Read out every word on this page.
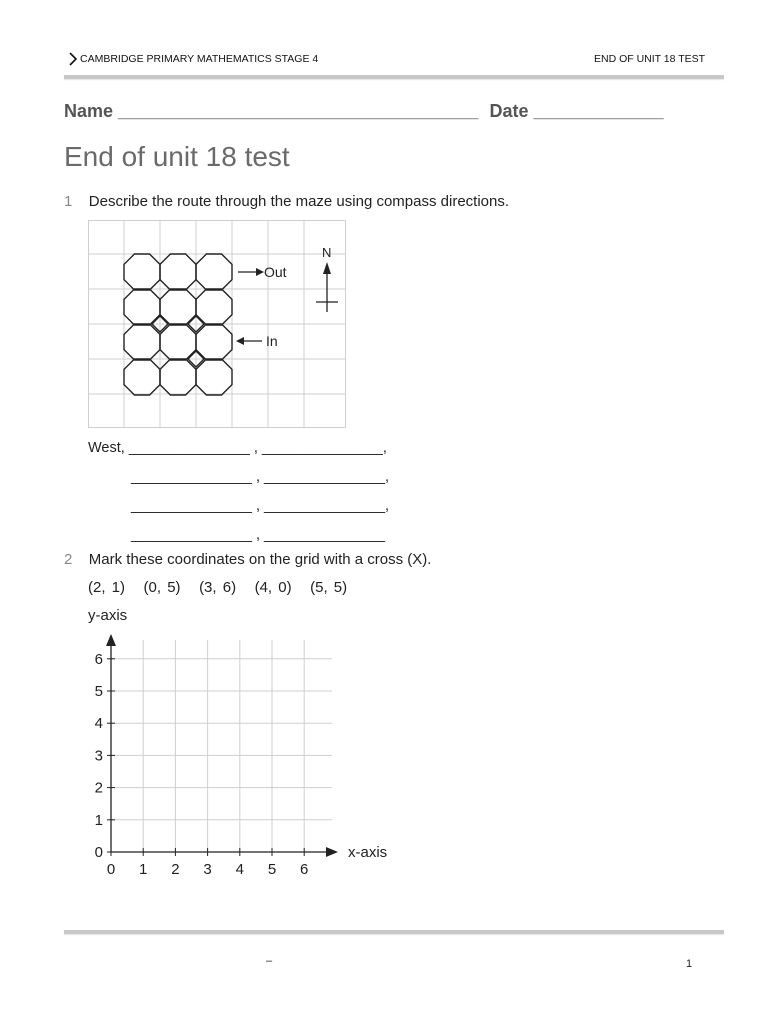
CAMBRIDGE PRIMARY MATHEMATICS STAGE 4	END OF UNIT 18 TEST
Name ____________________________________ Date _____________
End of unit 18 test
1 Describe the route through the maze using compass directions.
Out
In
N
West, _______________ , _______________,
_______________ , _______________,
_______________ , _______________,
_______________ , _______________
2 Mark these coordinates on the grid with a cross (X).
(2, 1) (0, 5) (3, 6) (4, 0) (5, 5)
y-axis
0 1 2 3 4 5 6
0
1
2
3
4
5
6
x-axis
–	1
